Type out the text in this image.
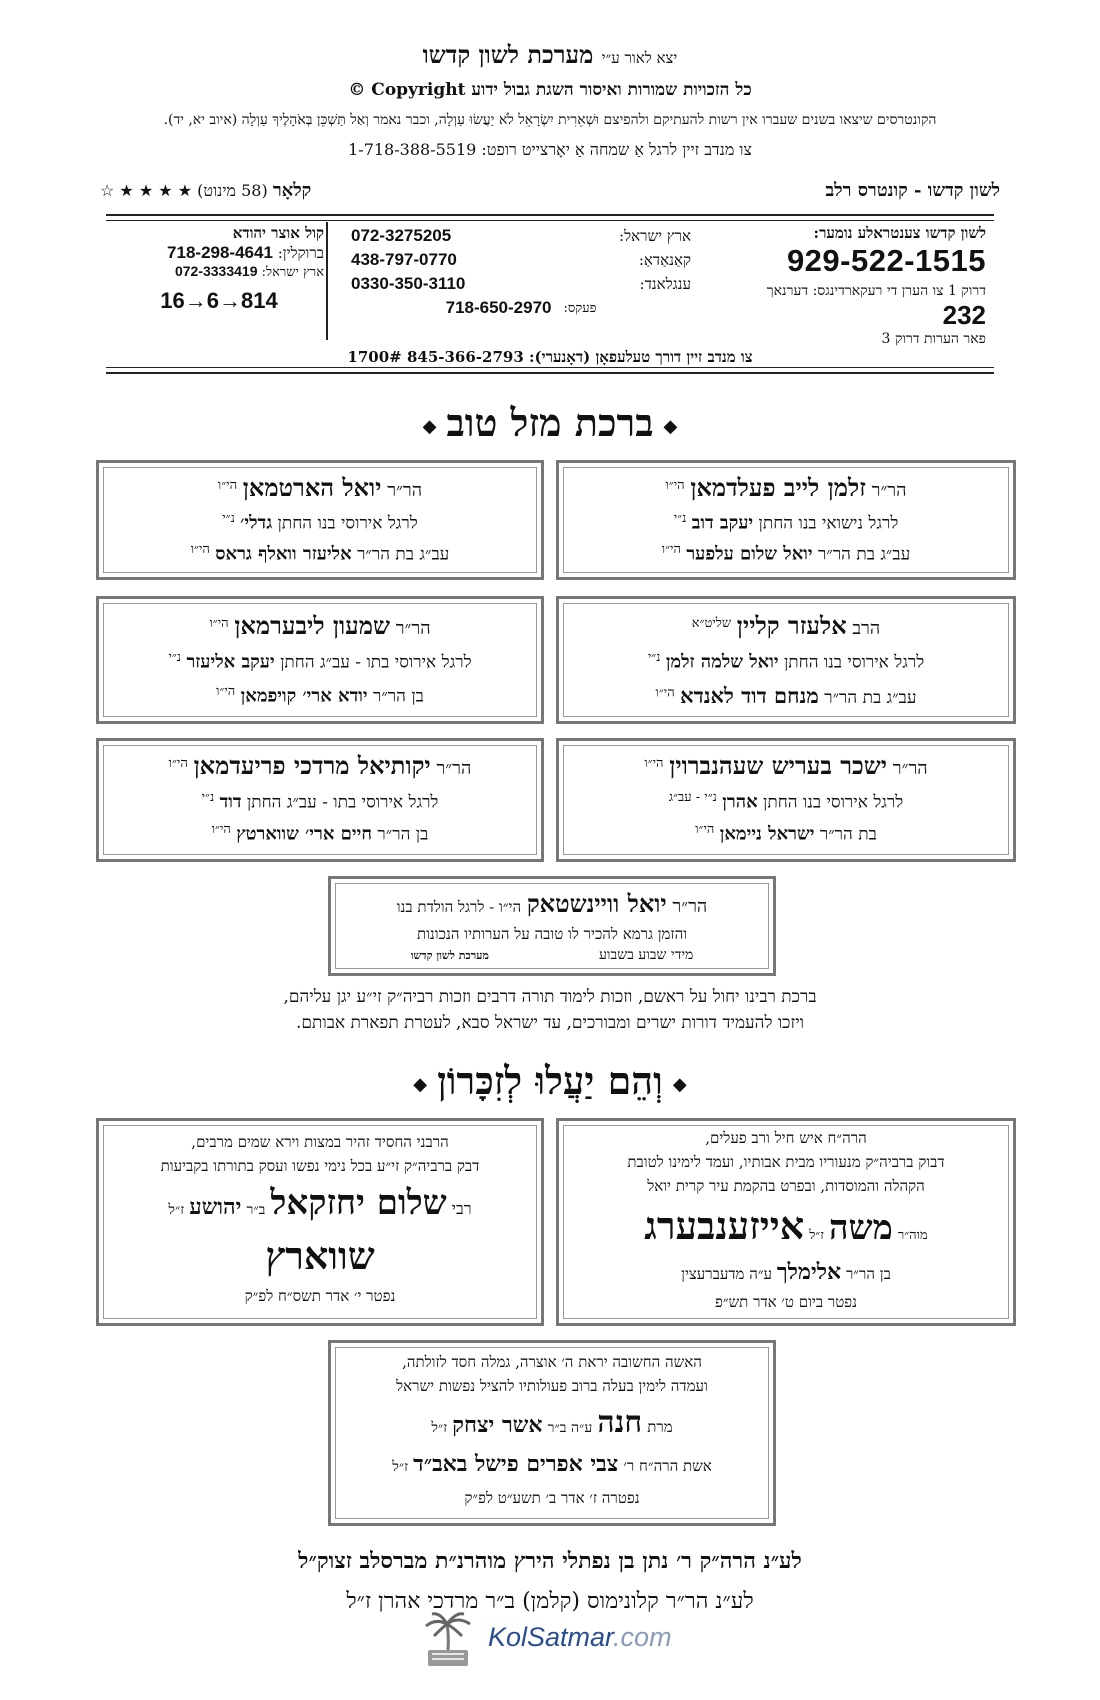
יצא לאור ע״י מערכת לשון קדשו
כל הזכויות שמורות ואיסור השגת גבול ידוע Copyright ©
הקונטרסים שיצאו בשנים שעברו אין רשות להעתיקם ולהפיצם וּשְׁאֵרִית יִשְׂרָאֵל לֹא יַעֲשׂוּ עַוְלָה, וכבר נאמר וְאַל תַּשְׁכֵּן בְּאֹהָלֶיךָ עַוְלָה (איוב יא, יד).
צו מנדב זיין לרגל אַ שמחה אַ יאָרצייט רופט: 1-718-388-5519
לשון קדשו - קונטרס רלב
קלאָר (58 מינוט) ★ ★ ★ ★ ☆
לשון קדשו צענטראלע נומער:
929-522-1515
דרוק 1 צו הערן די רעקארדינגס: דערנאך 232
פאר הערות דרוק 3
ארץ ישראל:
072-3275205
קאַנאַדאַ:
438-797-0770
ענגלאנד:
0330-350-3110
פעקס:
718-650-2970
קול אוצר יהודא
ברוקלין: 718-298-4641
ארץ ישראל: 072-3333419
16→6→814
צו מנדב זיין דורך טעלעפאָן (דאָנערי): 845-366-2793 1700#
◆ברכת מזל טוב◆
הר״ר זלמן לייב פעלדמאן $^{הי״ו}$
לרגל נישואי בנו החתן יעקב דוב $^{נ״י}$
עב״ג בת הר״ר יואל שלום עלפער $^{הי״ו}$
הר״ר יואל הארטמאן $^{הי״ו}$
לרגל אירוסי בנו החתן גדלי׳ $^{נ״י}$
עב״ג בת הר״ר אליעזר וואלף גראס $^{הי״ו}$
הרב אלעזר קליין $^{שליט״א}$
לרגל אירוסי בנו החתן יואל שלמה זלמן $^{נ״י}$
עב״ג בת הר״ר מנחם דוד לאנדא $^{הי״ו}$
הר״ר שמעון ליבערמאן $^{הי״ו}$
לרגל אירוסי בתו - עב״ג החתן יעקב אליעזר $^{נ״י}$
בן הר״ר יודא ארי׳ קויפמאן $^{הי״ו}$
הר״ר ישכר בעריש שעהנברוין $^{הי״ו}$
לרגל אירוסי בנו החתן אהרן $^{נ״י - עב״ג}$
בת הר״ר ישראל ניימאן $^{הי״ו}$
הר״ר יקותיאל מרדכי פריעדמאן $^{הי״ו}$
לרגל אירוסי בתו - עב״ג החתן דוד $^{נ״י}$
בן הר״ר חיים ארי׳ שווארטץ $^{הי״ו}$
הר״ר יואל וויינשטאק הי״ו - לרגל הולדת בנו
והזמן גרמא להכיר לו טובה על הערותיו הנכונות
מידי שבוע בשבועמערכת לשון קדשו
ברכת רבינו יחול על ראשם, וזכות לימוד תורה דרבים וזכות רביה״ק זי״ע יגן עליהם,
ויזכו להעמיד דורות ישרים ומבורכים, עד ישראל סבא, לעטרת תפארת אבותם.
◆וְהֵם יַעֲלוּ לְזִכָּרוֹן◆
הרה״ח איש חיל ורב פעלים,
דבוק ברביה״ק מנעוריו מבית אבותיו, ועמד לימינו לטובת
הקהלה והמוסדות, ובפרט בהקמת עיר קרית יואל
מוה״ר משה ז״ל אייזענבערג
בן הר״ר אלימלך ע״ה מדעברעצין
נפטר ביום ט׳ אדר תש״פ
הרבני החסיד זהיר במצות וירא שמים מרבים,
דבק ברביה״ק זי״ע בכל נימי נפשו ועסק בתורתו בקביעות
רבי שלום יחזקאל ב״ר יהושע ז״ל
שווארץ
נפטר י׳ אדר תשס״ח לפ״ק
האשה החשובה יראת ה׳ אוצרה, גמלה חסד לזולתה,
ועמדה לימין בעלה ברוב פעולותיו להציל נפשות ישראל
מרת חנה ע״ה ב״ר אשר יצחק ז״ל
אשת הרה״ח ר׳ צבי אפרים פישל באב״ד ז״ל
נפטרה ז׳ אדר ב׳ תשע״ט לפ״ק
לע״נ הרה״ק ר׳ נתן בן נפתלי הירץ מוהרנ״ת מברסלב זצוק״ל
לע״נ הר״ר קלונימוס (קלמן) ב״ר מרדכי אהרן ז״ל
KolSatmar.com
